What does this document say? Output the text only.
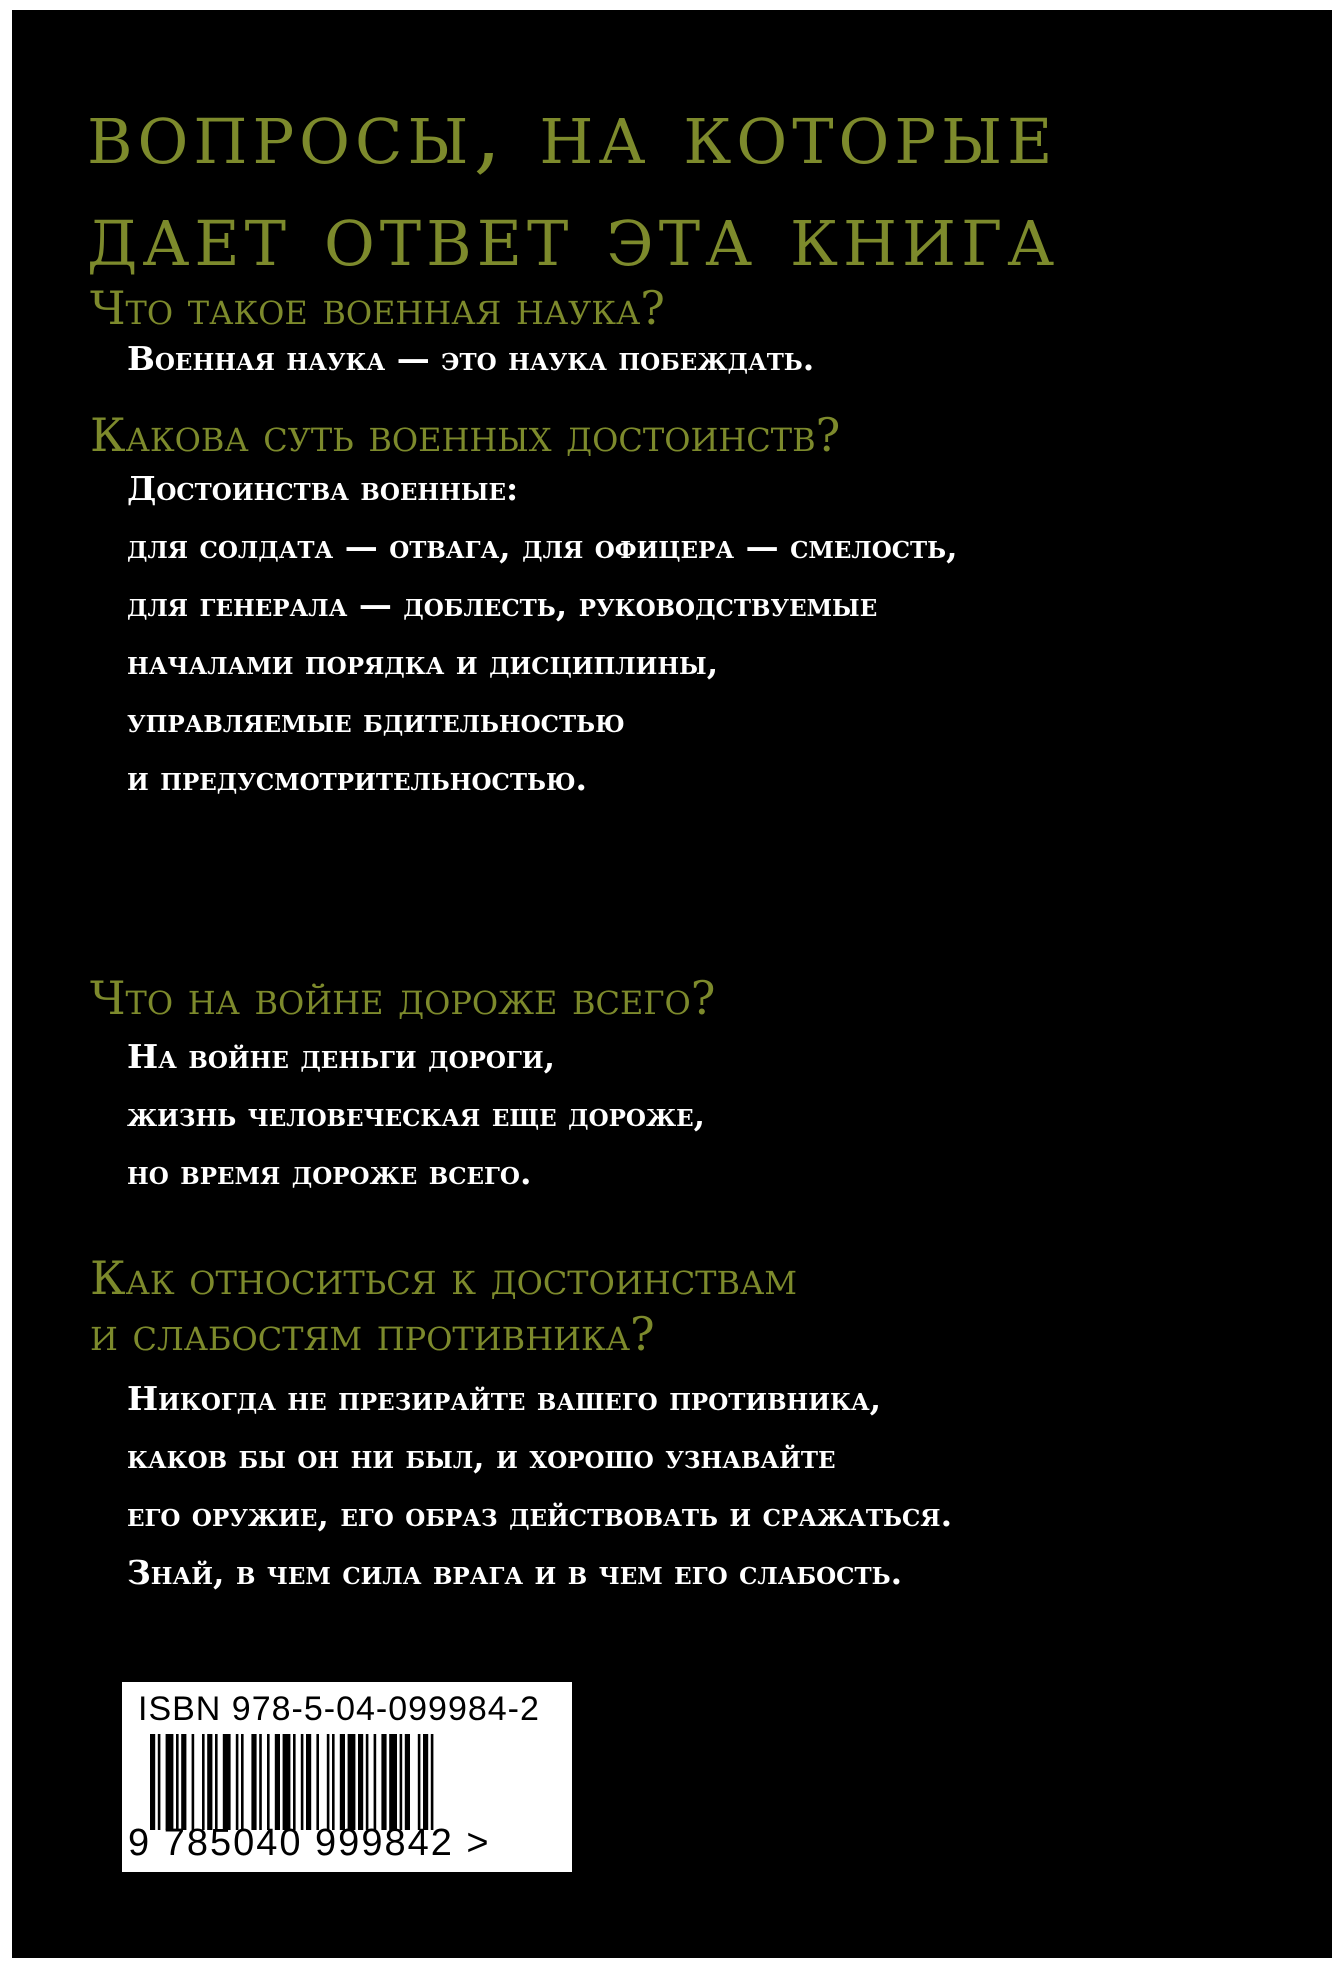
вопросы, на которые
дает ответ эта книга
Что такое военная наука?
Военная наука — это наука побеждать.
Какова суть военных достоинств?
Достоинства военные:
для солдата — отвага, для офицера — смелость,
для генерала — доблесть, руководствуемые
началами порядка и дисциплины,
управляемые бдительностью
и предусмотрительностью.
Что на войне дороже всего?
На войне деньги дороги,
жизнь человеческая еще дороже,
но время дороже всего.
Как относиться к достоинствам
и слабостям противника?
Никогда не презирайте вашего противника,
каков бы он ни был, и хорошо узнавайте
его оружие, его образ действовать и сражаться.
Знай, в чем сила врага и в чем его слабость.
ISBN 978-5-04-099984-2
9 785040 999842 >
